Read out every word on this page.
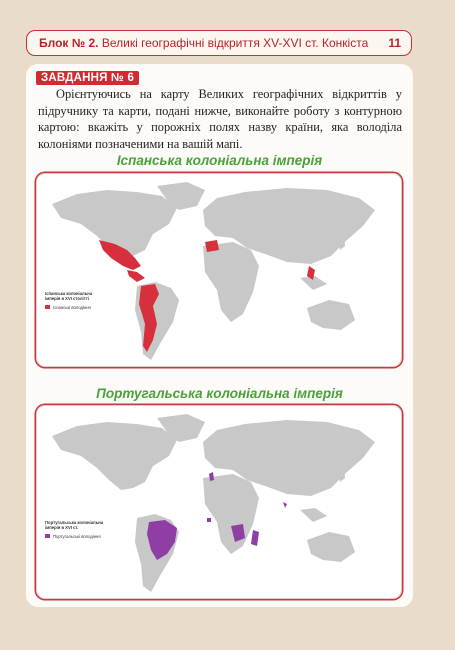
Блок № 2. Великі географічні відкриття XV-XVI ст. Конкіста 11
ЗАВДАННЯ № 6
Орієнтуючись на карту Великих географічних відкриттів у підручнику та карти, подані нижче, виконайте роботу з контурною картою: вкажіть у порожніх полях назву країни, яка володіла колоніями позначеними на вашій мапі.
Іспанська колоніальна імперія
Іспанська колоніальна імперія в XVI столітті
Іспанські володіння
Португальська колоніальна імперія
Португальська колоніальна імперія в XVI ст.
Португальські володіння
